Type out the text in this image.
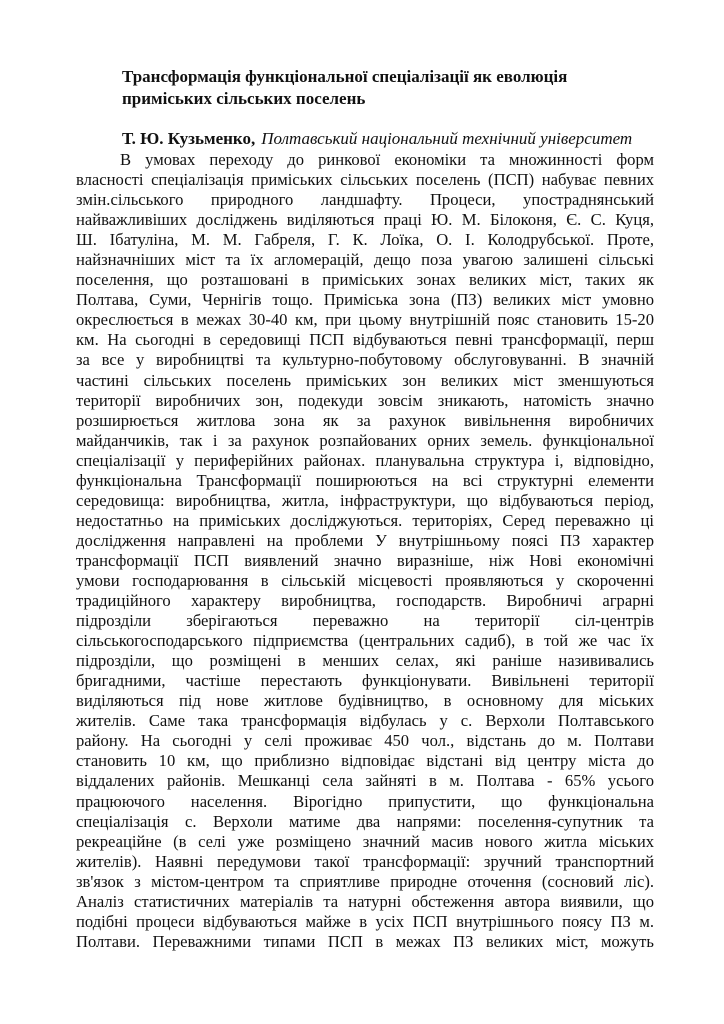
Трансформація функціональної спеціалізації як еволюція
приміських сільських поселень
Т. Ю. Кузьменко, Полтавський національний технічний університет
В умовах переходу до ринкової економіки та множинності форм
власності спеціалізація приміських сільських поселень (ПСП) набуває певних
змін.сільського природного ландшафту. Процеси, упостраднянський
найважливіших досліджень виділяються праці Ю. М. Білоконя, Є. С. Куця,
Ш. Ібатуліна, М. М. Габреля, Г. К. Лоїка, О. І. Колодрубської. Проте,
найзначніших міст та їх агломерацій, дещо поза увагою залишені сільські
поселення, що розташовані в приміських зонах великих міст, таких як
Полтава, Суми, Чернігів тощо. Приміська зона (ПЗ) великих міст умовно
окреслюється в межах 30-40 км, при цьому внутрішній пояс становить 15-20
км. На сьогодні в середовищі ПСП відбуваються певні трансформації, перш
за все у виробництві та культурно-побутовому обслуговуванні. В значній
частині сільських поселень приміських зон великих міст зменшуються
території виробничих зон, подекуди зовсім зникають, натомість значно
розширюється житлова зона як за рахунок вивільнення виробничих
майданчиків, так і за рахунок розпайованих орних земель. функціональної
спеціалізації у периферійних районах. планувальна структура і, відповідно,
функціональна Трансформації поширюються на всі структурні елементи
середовища: виробництва, житла, інфраструктури, що відбуваються період,
недостатньо на приміських досліджуються. територіях, Серед переважно ці
дослідження направлені на проблеми У внутрішньому поясі ПЗ характер
трансформації ПСП виявлений значно виразніше, ніж Нові економічні
умови господарювання в сільській місцевості проявляються у скороченні
традиційного характеру виробництва, господарств. Виробничі аграрні
підрозділи зберігаються переважно на території сіл-центрів
сільськогосподарського підприємства (центральних садиб), в той же час їх
підрозділи, що розміщені в менших селах, які раніше назививались
бригадними, частіше перестають функціонувати. Вивільнені території
виділяються під нове житлове будівництво, в основному для міських
жителів. Саме така трансформація відбулась у с. Верхоли Полтавського
району. На сьогодні у селі проживає 450 чол., відстань до м. Полтави
становить 10 км, що приблизно відповідає відстані від центру міста до
віддалених районів. Мешканці села зайняті в м. Полтава - 65% усього
працюючого населення. Вірогідно припустити, що функціональна
спеціалізація с. Верхоли матиме два напрями: поселення-супутник та
рекреаційне (в селі уже розміщено значний масив нового житла міських
жителів). Наявні передумови такої трансформації: зручний транспортний
зв'язок з містом-центром та сприятливе природне оточення (сосновий ліс).
Аналіз статистичних матеріалів та натурні обстеження автора виявили, що
подібні процеси відбуваються майже в усіх ПСП внутрішнього поясу ПЗ м.
Полтави. Переважними типами ПСП в межах ПЗ великих міст, можуть
